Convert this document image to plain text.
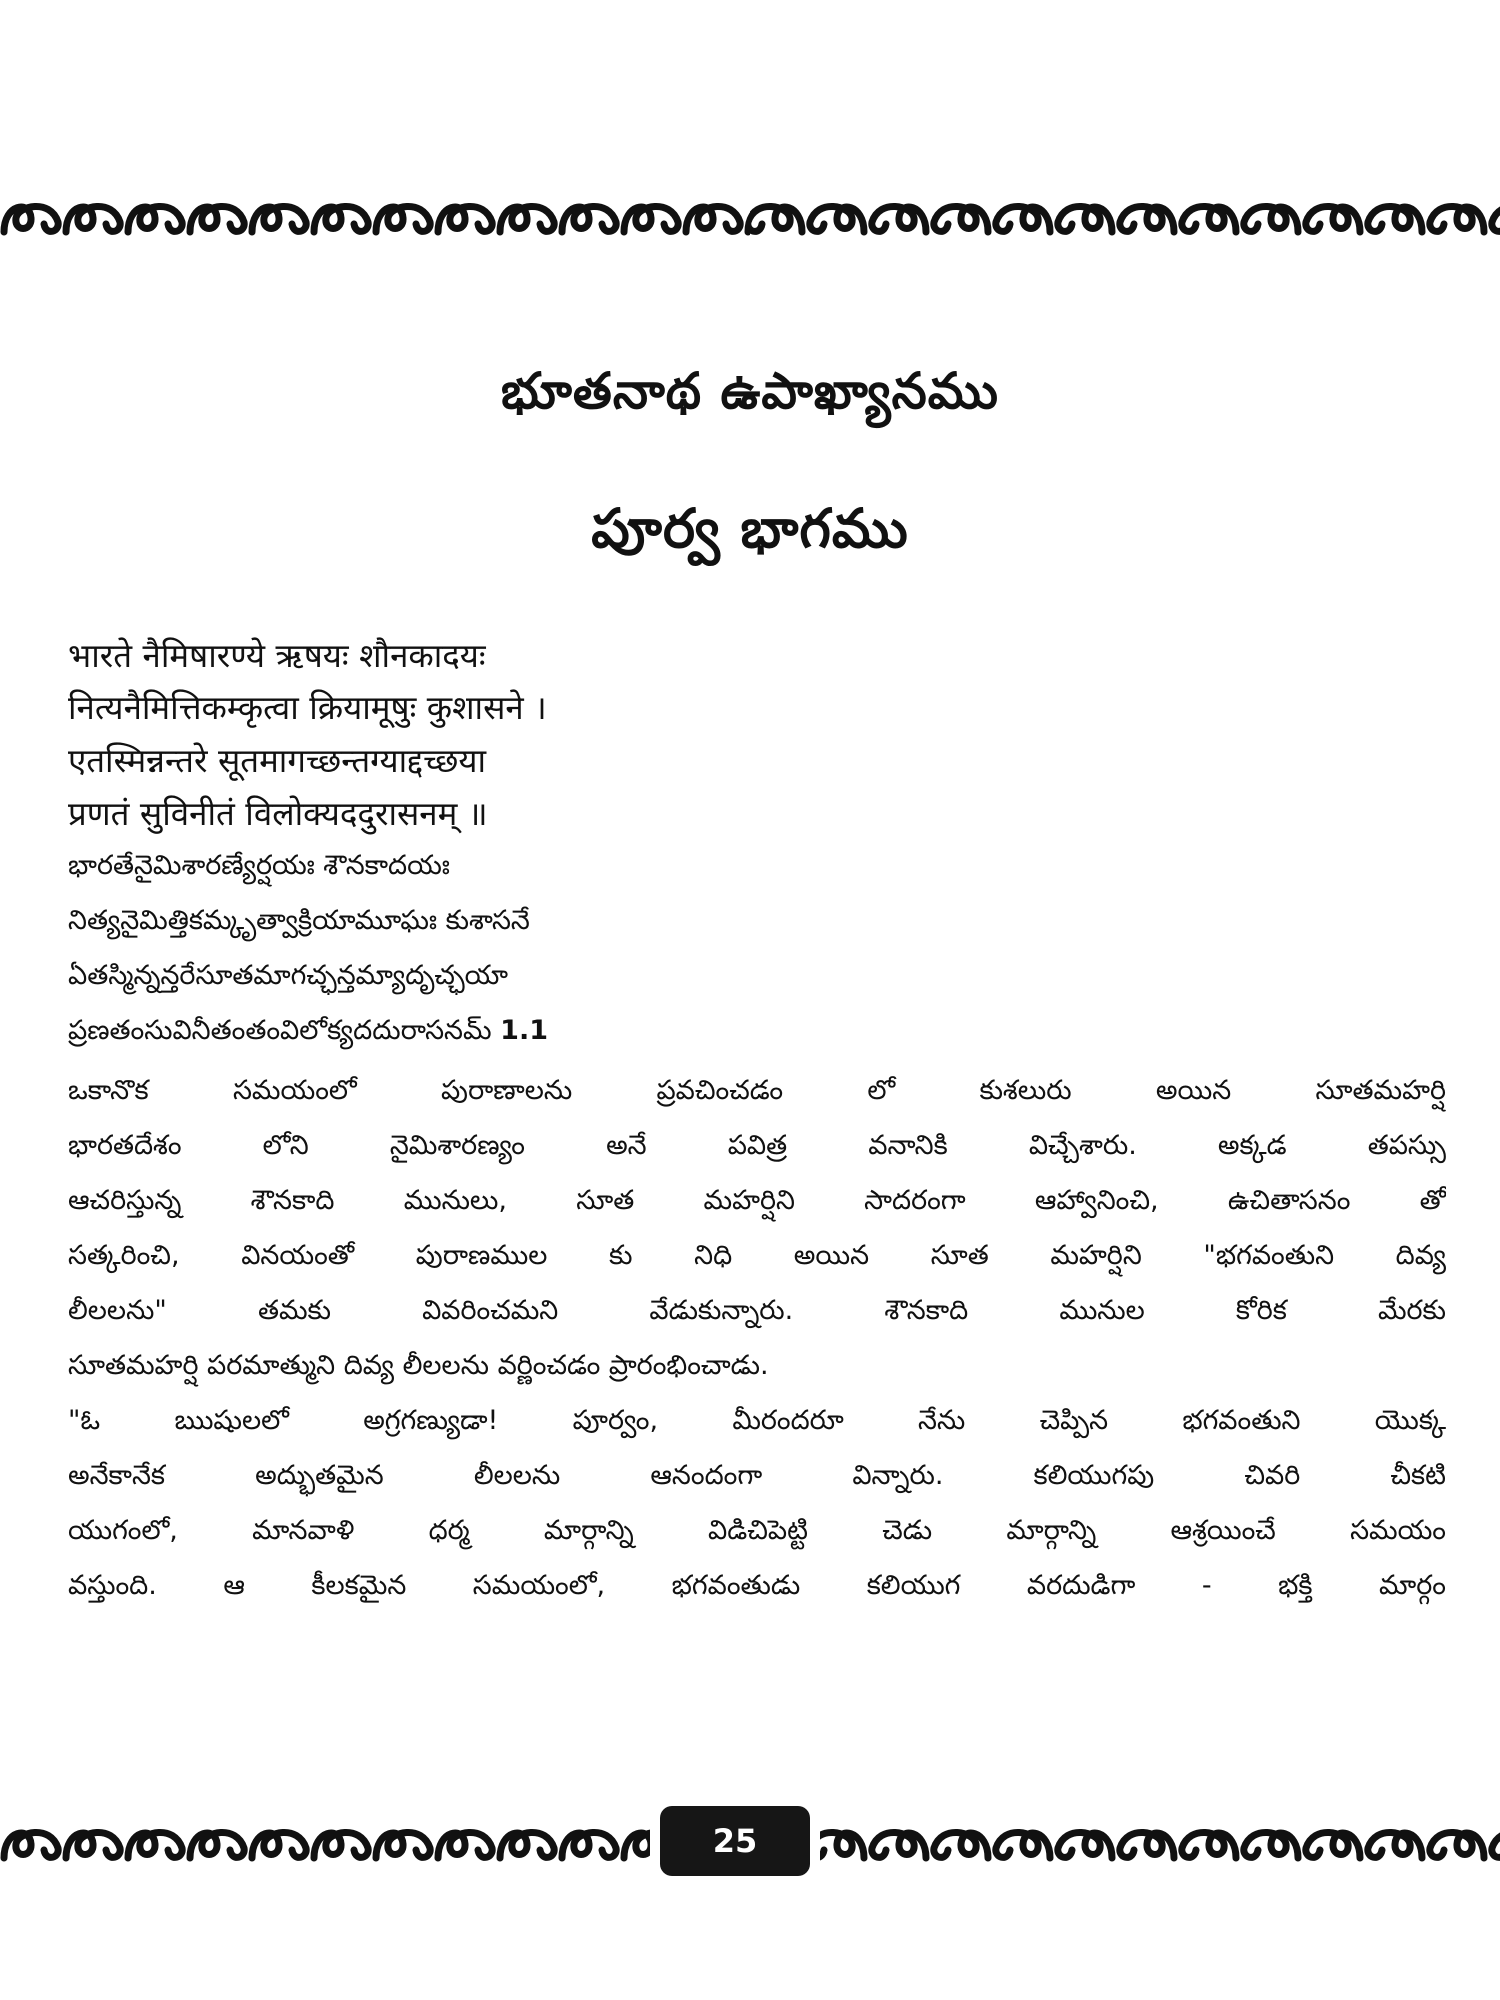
భూతనాథ ఉపాఖ్యానము
పూర్వ భాగము

भारते नैमिषारण्ये ऋषयः शौनकादयः

नित्यनैमित्तिकम्कृत्वा क्रियामूषुः कुशासने ।

एतस्मिन्नन्तरे सूतमागच्छन्तग्याद्दच्छया

प्रणतं सुविनीतं विलोक्यददुरासनम् ॥

భారతేనైమిశారణ్యేర్షయః శౌనకాదయః

నిత్యనైమిత్తికమ్కృత్వాక్రియామూఘః కుశాసనే

ఏతస్మిన్నన్తరేసూతమాగచ్ఛన్తమ్యాదృచ్ఛయా

ప్రణతంసువినీతంతంవిలోక్యదదురాసనమ్ 1.1

ఒకానొక సమయంలో పురాణాలను ప్రవచించడం లో కుశలురు అయిన సూతమహర్షి

భారతదేశం లోని నైమిశారణ్యం అనే పవిత్ర వనానికి విచ్చేశారు. అక్కడ తపస్సు

ఆచరిస్తున్న శౌనకాది మునులు, సూత మహర్షిని సాదరంగా ఆహ్వానించి, ఉచితాసనం తో

సత్కరించి, వినయంతో పురాణముల కు నిధి అయిన సూత మహర్షిని "భగవంతుని దివ్య

లీలలను" తమకు వివరించమని వేడుకున్నారు. శౌనకాది మునుల కోరిక మేరకు

సూతమహర్షి పరమాత్ముని దివ్య లీలలను వర్ణించడం ప్రారంభించాడు.

"ఓ ఋషులలో అగ్రగణ్యుడా! పూర్వం, మీరందరూ నేను చెప్పిన భగవంతుని యొక్క

అనేకానేక అద్భుతమైన లీలలను ఆనందంగా విన్నారు. కలియుగపు చివరి చీకటి

యుగంలో, మానవాళి ధర్మ మార్గాన్ని విడిచిపెట్టి చెడు మార్గాన్ని ఆశ్రయించే సమయం

వస్తుంది. ఆ కీలకమైన సమయంలో, భగవంతుడు కలియుగ వరదుడిగా - భక్తి మార్గం

25
